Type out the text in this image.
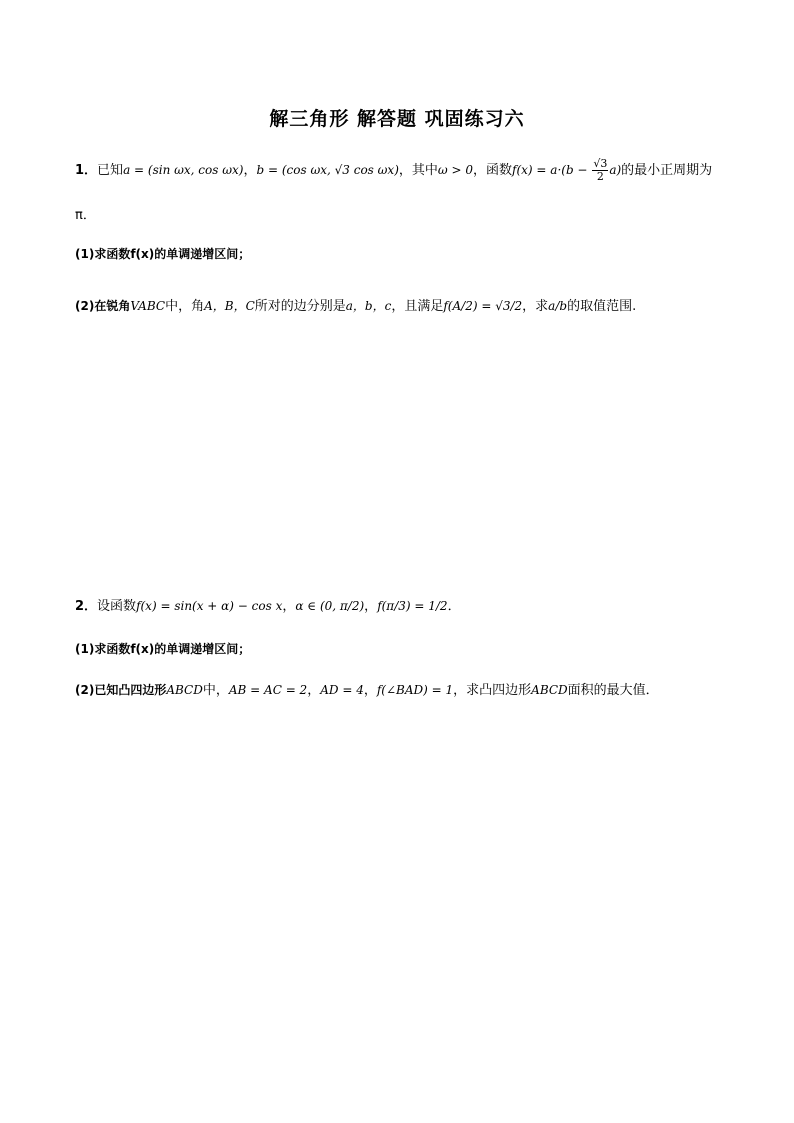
解三角形 解答题 巩固练习六
1．已知a = (sin ωx, cos ωx)，b = (cos ωx, √3 cos ωx)，其中ω > 0，函数$f(x) = a\cdot(b - \frac{√3}{2} a)$的最小正周期为
π．
(1)求函数f(x)的单调递增区间；
(2)在锐角VABC中，角A，B，C所对的边分别是a，b，c，且满足f(A/2) = √3/2，求a/b的取值范围.
2．设函数f(x) = sin(x + α) − cos x，α ∈ (0, π/2)，f(π/3) = 1/2．
(1)求函数f(x)的单调递增区间；
(2)已知凸四边形ABCD中，AB = AC = 2，AD = 4，f(∠BAD) = 1，求凸四边形ABCD面积的最大值．
